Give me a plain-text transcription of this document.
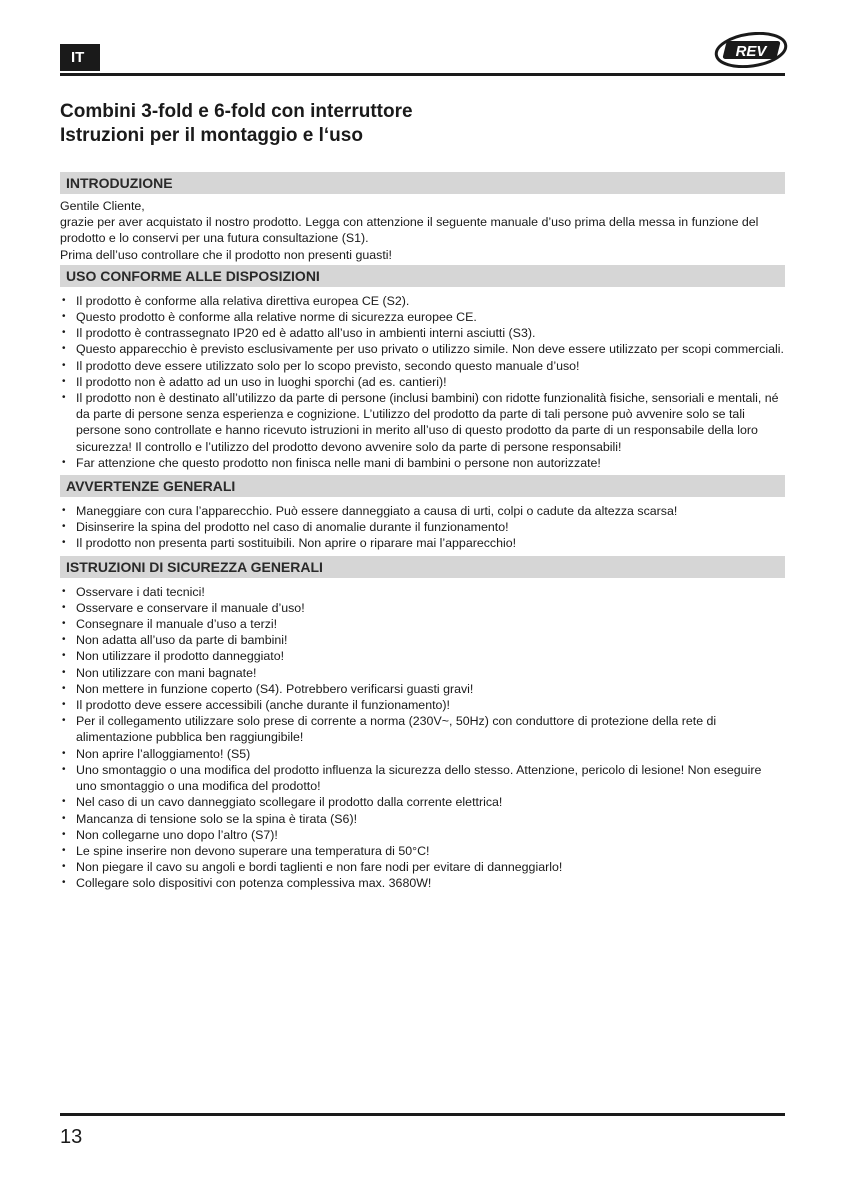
IT	REV
Combini 3-fold e 6-fold con interruttore
Istruzioni per il montaggio e l‘uso
INTRODUZIONE

Gentile Cliente,

grazie per aver acquistato il nostro prodotto. Legga con attenzione il seguente manuale d’uso prima della messa in funzione del prodotto e lo conservi per una futura consultazione (S1).

Prima dell’uso controllare che il prodotto non presenti guasti!

USO CONFORME ALLE DISPOSIZIONI
• Il prodotto è conforme alla relativa direttiva europea CE (S2).
• Questo prodotto è conforme alla relative norme di sicurezza europee CE.
• Il prodotto è contrassegnato IP20 ed è adatto all’uso in ambienti interni asciutti (S3).
• Questo apparecchio è previsto esclusivamente per uso privato o utilizzo simile. Non deve essere utilizzato per scopi commerciali.
• Il prodotto deve essere utilizzato solo per lo scopo previsto, secondo questo manuale d’uso!
• Il prodotto non è adatto ad un uso in luoghi sporchi (ad es. cantieri)!
• Il prodotto non è destinato all’utilizzo da parte di persone (inclusi bambini) con ridotte funzionalità fisiche, sensoriali e mentali, né da parte di persone senza esperienza e cognizione. L’utilizzo del prodotto da parte di tali persone può avvenire solo se tali persone sono controllate e hanno ricevuto istruzioni in merito all’uso di questo prodotto da parte di un responsabile della loro sicurezza! Il controllo e l’utilizzo del prodotto devono avvenire solo da parte di persone responsabili!
• Far attenzione che questo prodotto non finisca nelle mani di bambini o persone non autorizzate!
AVVERTENZE GENERALI
• Maneggiare con cura l’apparecchio. Può essere danneggiato a causa di urti, colpi o cadute da altezza scarsa!
• Disinserire la spina del prodotto nel caso di anomalie durante il funzionamento!
• Il prodotto non presenta parti sostituibili. Non aprire o riparare mai l’apparecchio!
ISTRUZIONI DI SICUREZZA GENERALI
• Osservare i dati tecnici!
• Osservare e conservare il manuale d’uso!
• Consegnare il manuale d’uso a terzi!
• Non adatta all’uso da parte di bambini!
• Non utilizzare il prodotto danneggiato!
• Non utilizzare con mani bagnate!
• Non mettere in funzione coperto (S4). Potrebbero verificarsi guasti gravi!
• Il prodotto deve essere accessibili (anche durante il funzionamento)!
• Per il collegamento utilizzare solo prese di corrente a norma (230V~, 50Hz) con conduttore di protezione della rete di alimentazione pubblica ben raggiungibile!
• Non aprire l’alloggiamento! (S5)
• Uno smontaggio o una modifica del prodotto influenza la sicurezza dello stesso. Attenzione, pericolo di lesione! Non eseguire uno smontaggio o una modifica del prodotto!
• Nel caso di un cavo danneggiato scollegare il prodotto dalla corrente elettrica!
• Mancanza di tensione solo se la spina è tirata (S6)!
• Non collegarne uno dopo l’altro (S7)!
• Le spine inserire non devono superare una temperatura di 50°C!
• Non piegare il cavo su angoli e bordi taglienti e non fare nodi per evitare di danneggiarlo!
• Collegare solo dispositivi con potenza complessiva max. 3680W!
13
